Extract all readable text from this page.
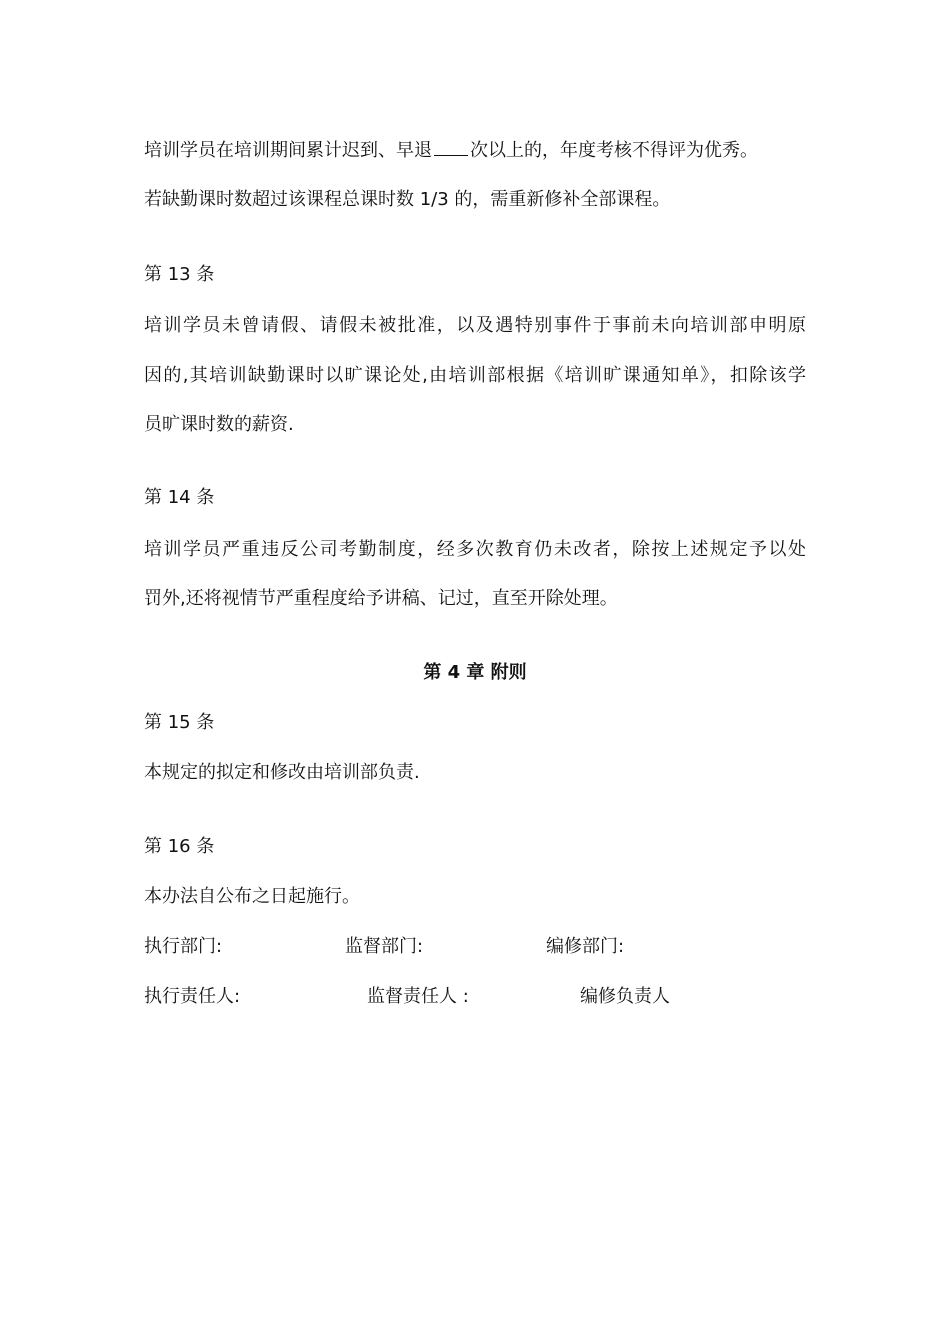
培训学员在培训期间累计迟到、早退 次以上的，年度考核不得评为优秀。
若缺勤课时数超过该课程总课时数 1/3 的，需重新修补全部课程。
第 13 条
培训学员未曾请假、请假未被批准，以及遇特别事件于事前未向培训部申明原
因的,其培训缺勤课时以旷课论处,由培训部根据《培训旷课通知单》，扣除该学
员旷课时数的薪资.
第 14 条
培训学员严重违反公司考勤制度，经多次教育仍未改者，除按上述规定予以处
罚外,还将视情节严重程度给予讲稿、记过，直至开除处理。
第 4 章 附则
第 15 条
本规定的拟定和修改由培训部负责.
第 16 条
本办法自公布之日起施行。
执行部门:	监督部门:	编修部门:
执行责任人:	监督责任人 :	编修负责人
